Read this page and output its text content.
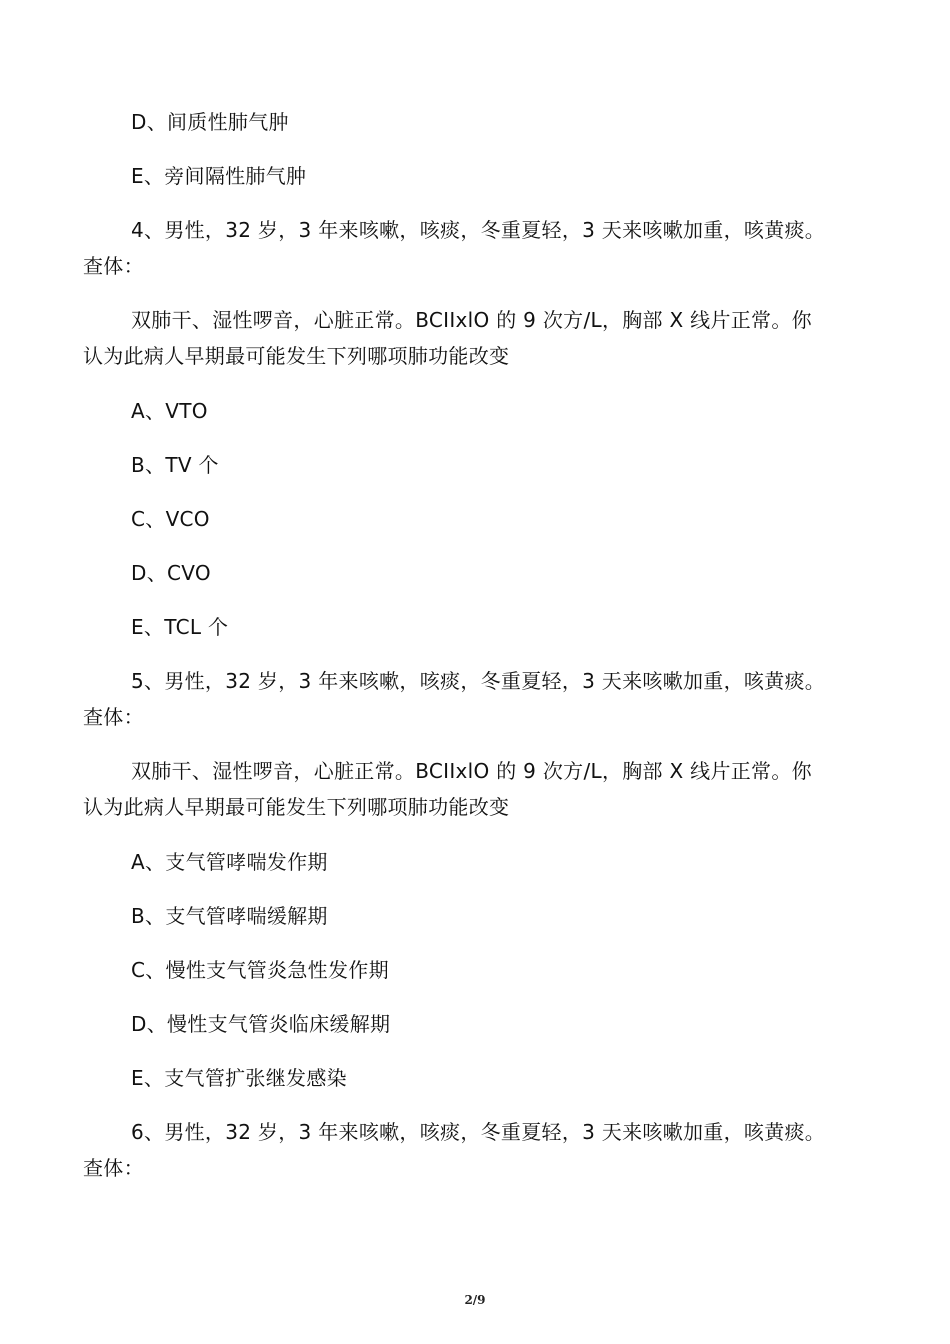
D、间质性肺气肿
E、旁间隔性肺气肿
4、男性，32 岁，3 年来咳嗽，咳痰，冬重夏轻，3 天来咳嗽加重，咳黄痰。
查体：
双肺干、湿性啰音，心脏正常。BCIIxlO 的 9 次方/L，胸部 X 线片正常。你
认为此病人早期最可能发生下列哪项肺功能改变
A、VTO
B、TV 个
C、VCO
D、CVO
E、TCL 个
5、男性，32 岁，3 年来咳嗽，咳痰，冬重夏轻，3 天来咳嗽加重，咳黄痰。
查体：
双肺干、湿性啰音，心脏正常。BCIIxlO 的 9 次方/L，胸部 X 线片正常。你
认为此病人早期最可能发生下列哪项肺功能改变
A、支气管哮喘发作期
B、支气管哮喘缓解期
C、慢性支气管炎急性发作期
D、慢性支气管炎临床缓解期
E、支气管扩张继发感染
6、男性，32 岁，3 年来咳嗽，咳痰，冬重夏轻，3 天来咳嗽加重，咳黄痰。
查体：
2/9
